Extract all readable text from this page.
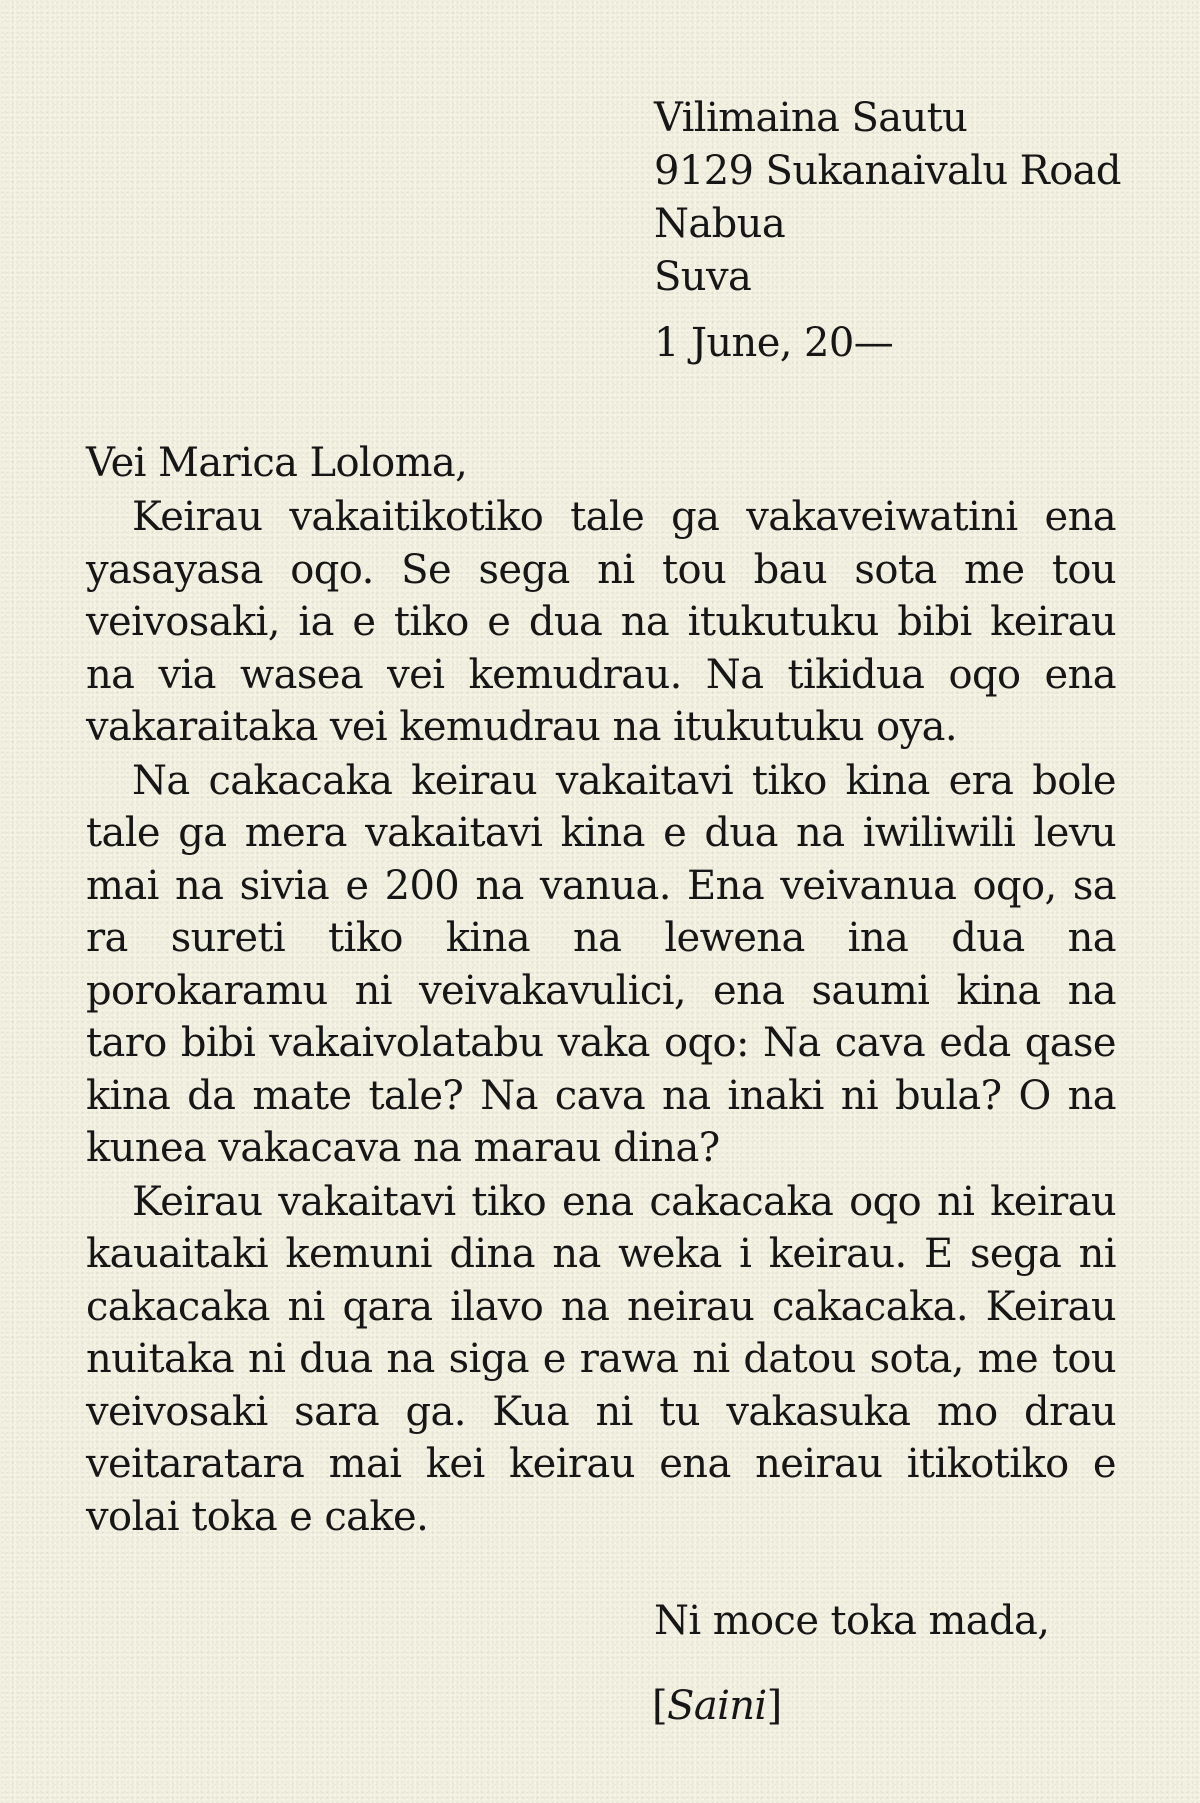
Vilimaina Sautu
9129 Sukanaivalu Road
Nabua
Suva
1 June, 20—
Vei Marica Loloma,

Keirau vakaitikotiko tale ga vakaveiwatini ena yasayasa oqo. Se sega ni tou bau sota me tou veivosaki, ia e tiko e dua na itukutuku bibi keirau na via wasea vei kemudrau. Na tikidua oqo ena vakaraitaka vei kemudrau na itukutuku oya.

Na cakacaka keirau vakaitavi tiko kina era bole tale ga mera vakaitavi kina e dua na iwiliwili levu mai na sivia e 200 na vanua. Ena veivanua oqo, sa ra sureti tiko kina na lewena ina dua na porokaramu ni veivakavulici, ena saumi kina na taro bibi vakaivolatabu vaka oqo: Na cava eda qase kina da mate tale? Na cava na inaki ni bula? O na kunea vakacava na marau dina?

Keirau vakaitavi tiko ena cakacaka oqo ni keirau kauaitaki kemuni dina na weka i keirau. E sega ni cakacaka ni qara ilavo na neirau cakacaka. Keirau nuitaka ni dua na siga e rawa ni datou sota, me tou veivosaki sara ga. Kua ni tu vakasuka mo drau veitaratara mai kei keirau ena neirau itikotiko e volai toka e cake.

Ni moce toka mada,
[Saini]
